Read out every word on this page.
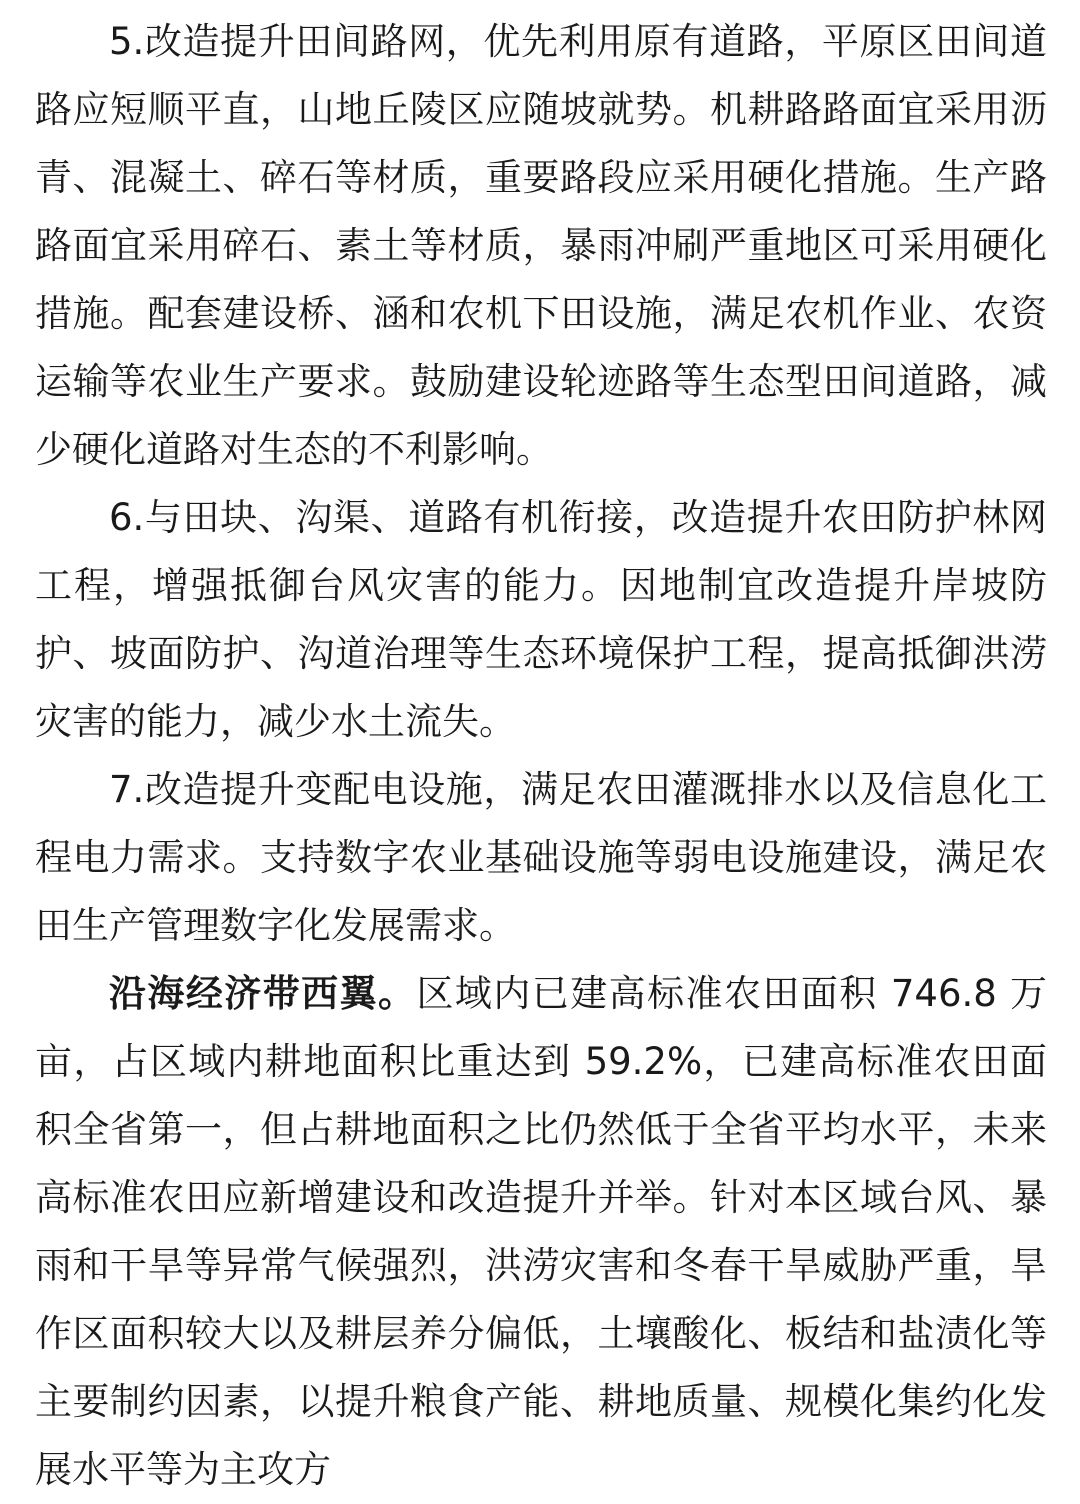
5.改造提升田间路网，优先利用原有道路，平原区田间道路应短顺平直，山地丘陵区应随坡就势。机耕路路面宜采用沥青、混凝土、碎石等材质，重要路段应采用硬化措施。生产路路面宜采用碎石、素土等材质，暴雨冲刷严重地区可采用硬化措施。配套建设桥、涵和农机下田设施，满足农机作业、农资运输等农业生产要求。鼓励建设轮迹路等生态型田间道路，减少硬化道路对生态的不利影响。

6.与田块、沟渠、道路有机衔接，改造提升农田防护林网工程，增强抵御台风灾害的能力。因地制宜改造提升岸坡防护、坡面防护、沟道治理等生态环境保护工程，提高抵御洪涝灾害的能力，减少水土流失。

7.改造提升变配电设施，满足农田灌溉排水以及信息化工程电力需求。支持数字农业基础设施等弱电设施建设，满足农田生产管理数字化发展需求。

沿海经济带西翼。区域内已建高标准农田面积 746.8 万亩，占区域内耕地面积比重达到 59.2%，已建高标准农田面积全省第一，但占耕地面积之比仍然低于全省平均水平，未来高标准农田应新增建设和改造提升并举。针对本区域台风、暴雨和干旱等异常气候强烈，洪涝灾害和冬春干旱威胁严重，旱作区面积较大以及耕层养分偏低，土壤酸化、板结和盐渍化等主要制约因素，以提升粮食产能、耕地质量、规模化集约化发展水平等为主攻方
